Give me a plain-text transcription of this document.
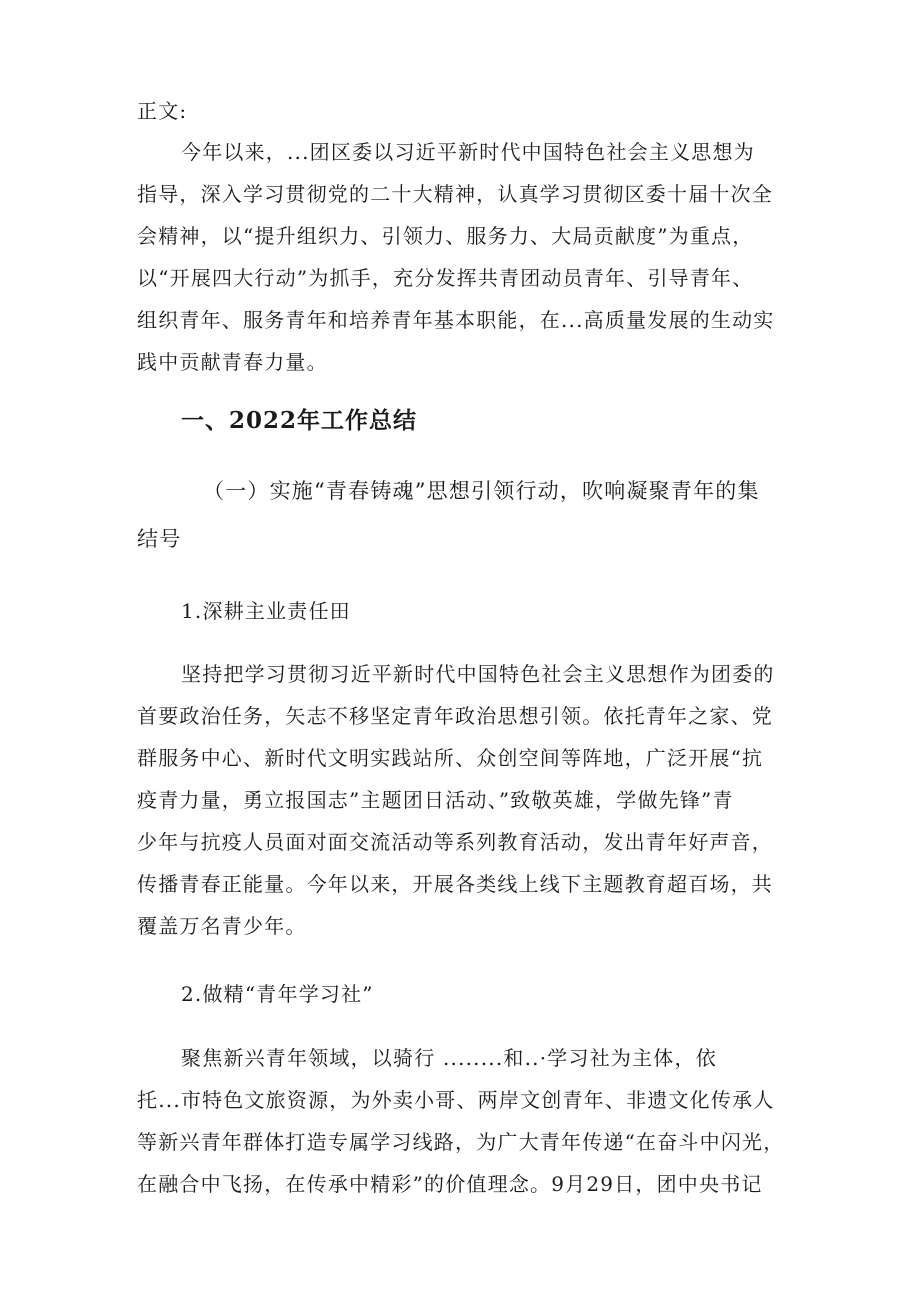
正文:
今年以来，...团区委以习近平新时代中国特色社会主义思想为
指导，深入学习贯彻党的二十大精神，认真学习贯彻区委十届十次全
会精神，以“提升组织力、引领力、服务力、大局贡献度”为重点，
以“开展四大行动”为抓手，充分发挥共青团动员青年、引导青年、
组织青年、服务青年和培养青年基本职能，在...高质量发展的生动实
践中贡献青春力量。
一、2022年工作总结
（一）实施“青春铸魂”思想引领行动，吹响凝聚青年的集
结号
1.深耕主业责任田
坚持把学习贯彻习近平新时代中国特色社会主义思想作为团委的
首要政治任务，矢志不移坚定青年政治思想引领。依托青年之家、党
群服务中心、新时代文明实践站所、众创空间等阵地，广泛开展“抗
疫青力量，勇立报国志”主题团日活动、”致敬英雄，学做先锋”青
少年与抗疫人员面对面交流活动等系列教育活动，发出青年好声音，
传播青春正能量。今年以来，开展各类线上线下主题教育超百场，共
覆盖万名青少年。
2.做精“青年学习社”
聚焦新兴青年领域，以骑行 ........和..·学习社为主体，依
托...市特色文旅资源，为外卖小哥、两岸文创青年、非遗文化传承人
等新兴青年群体打造专属学习线路，为广大青年传递“在奋斗中闪光，
在融合中飞扬，在传承中精彩”的价值理念。9月29日，团中央书记
